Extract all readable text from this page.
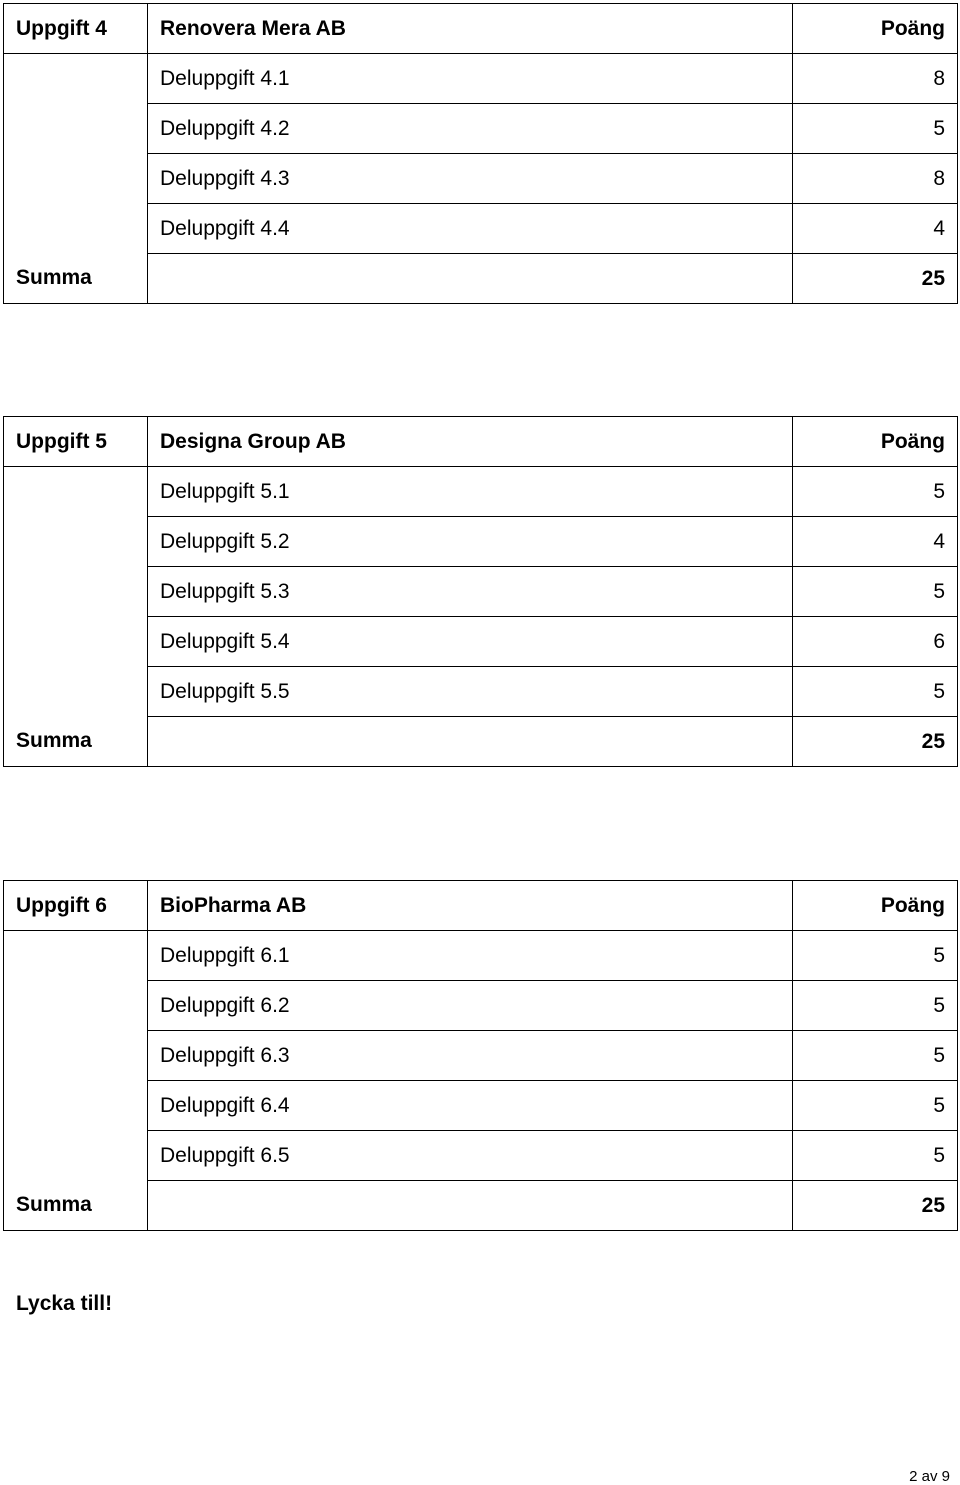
Uppgift 4	Renovera Mera AB	Poäng
	Deluppgift 4.1	8
	Deluppgift 4.2	5
	Deluppgift 4.3	8
	Deluppgift 4.4	4
Summa		25
Uppgift 5	Designa Group AB	Poäng
	Deluppgift 5.1	5
	Deluppgift 5.2	4
	Deluppgift 5.3	5
	Deluppgift 5.4	6
	Deluppgift 5.5	5
Summa		25
Uppgift 6	BioPharma AB	Poäng
	Deluppgift 6.1	5
	Deluppgift 6.2	5
	Deluppgift 6.3	5
	Deluppgift 6.4	5
	Deluppgift 6.5	5
Summa		25
Lycka till!
2 av 9
